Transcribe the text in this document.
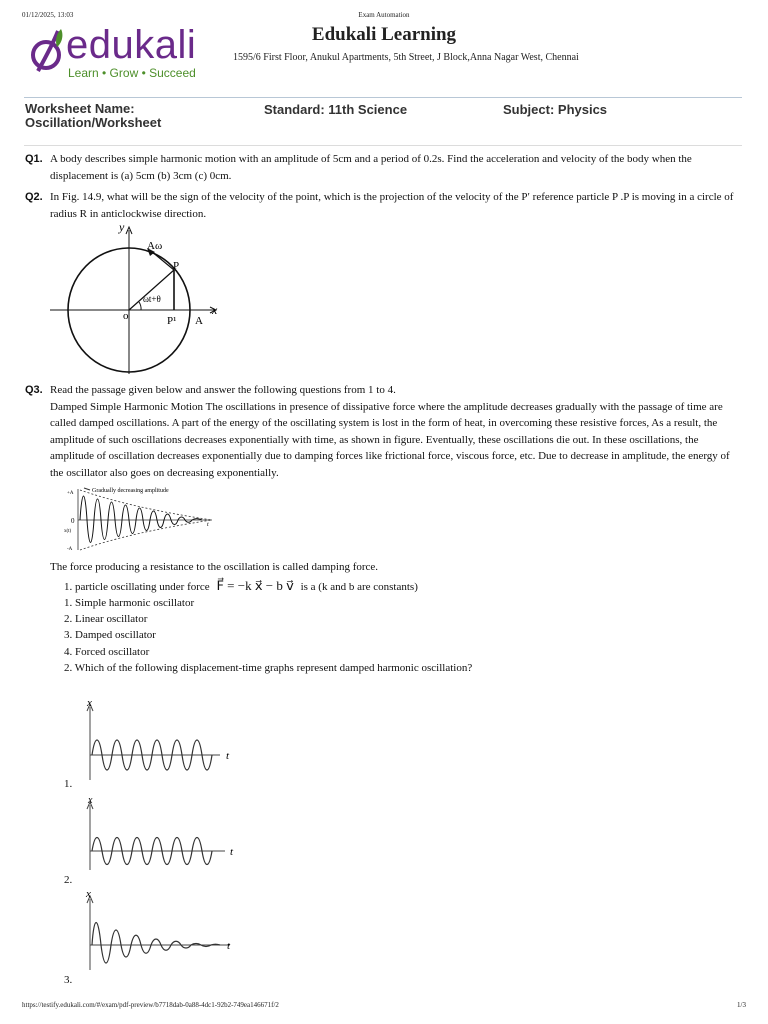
01/12/2025, 13:03	Exam Automation
edukali
Learn • Grow • Succeed
Edukali Learning
1595/6 First Floor, Anukul Apartments, 5th Street, J Block,Anna Nagar West, Chennai
Worksheet Name: Oscillation/Worksheet
Standard: 11th Science	Subject: Physics
Q1. A body describes simple harmonic motion with an amplitude of 5cm and a period of 0.2s. Find the acceleration and velocity of the body when the displacement is (a) 5cm (b) 3cm (c) 0cm.
Q2. In Fig. 14.9, what will be the sign of the velocity of the point, which is the projection of the velocity of the P′ reference particle P .P is moving in a circle of radius R in anticlockwise direction.
y
x
Aω
P
ωt+θ
o	P¹ A
Q3. Read the passage given below and answer the following questions from 1 to 4.
Damped Simple Harmonic Motion The oscillations in presence of dissipative force where the amplitude decreases gradually with the passage of time are called damped oscillations. A part of the energy of the oscillating system is lost in the form of heat, in overcoming these resistive forces, As a result, the amplitude of such oscillations decreases exponentially with time, as shown in figure. Eventually, these oscillations die out. In these oscillations, the amplitude of oscillation decreases exponentially due to damping forces like frictional force, viscous force, etc. Due to decrease in amplitude, the energy of the oscillator also goes on decreasing exponentially.
Gradually decreasing amplitude
+A
0
x(t)
-A
t
The force producing a resistance to the oscillation is called damping force.
1. particle oscillating under force F⃗ = −k x⃗ − b v⃗ is a (k and b are constants)
1. Simple harmonic oscillator
2. Linear oscillator
3. Damped oscillator
4. Forced oscillator
2. Which of the following displacement-time graphs represent damped harmonic oscillation?
x
t
1.
x
t
2.
x
t
3.
https://testify.edukali.com/#/exam/pdf-preview/b7718dab-0a88-4dc1-92b2-749ea146671f/2	1/3
